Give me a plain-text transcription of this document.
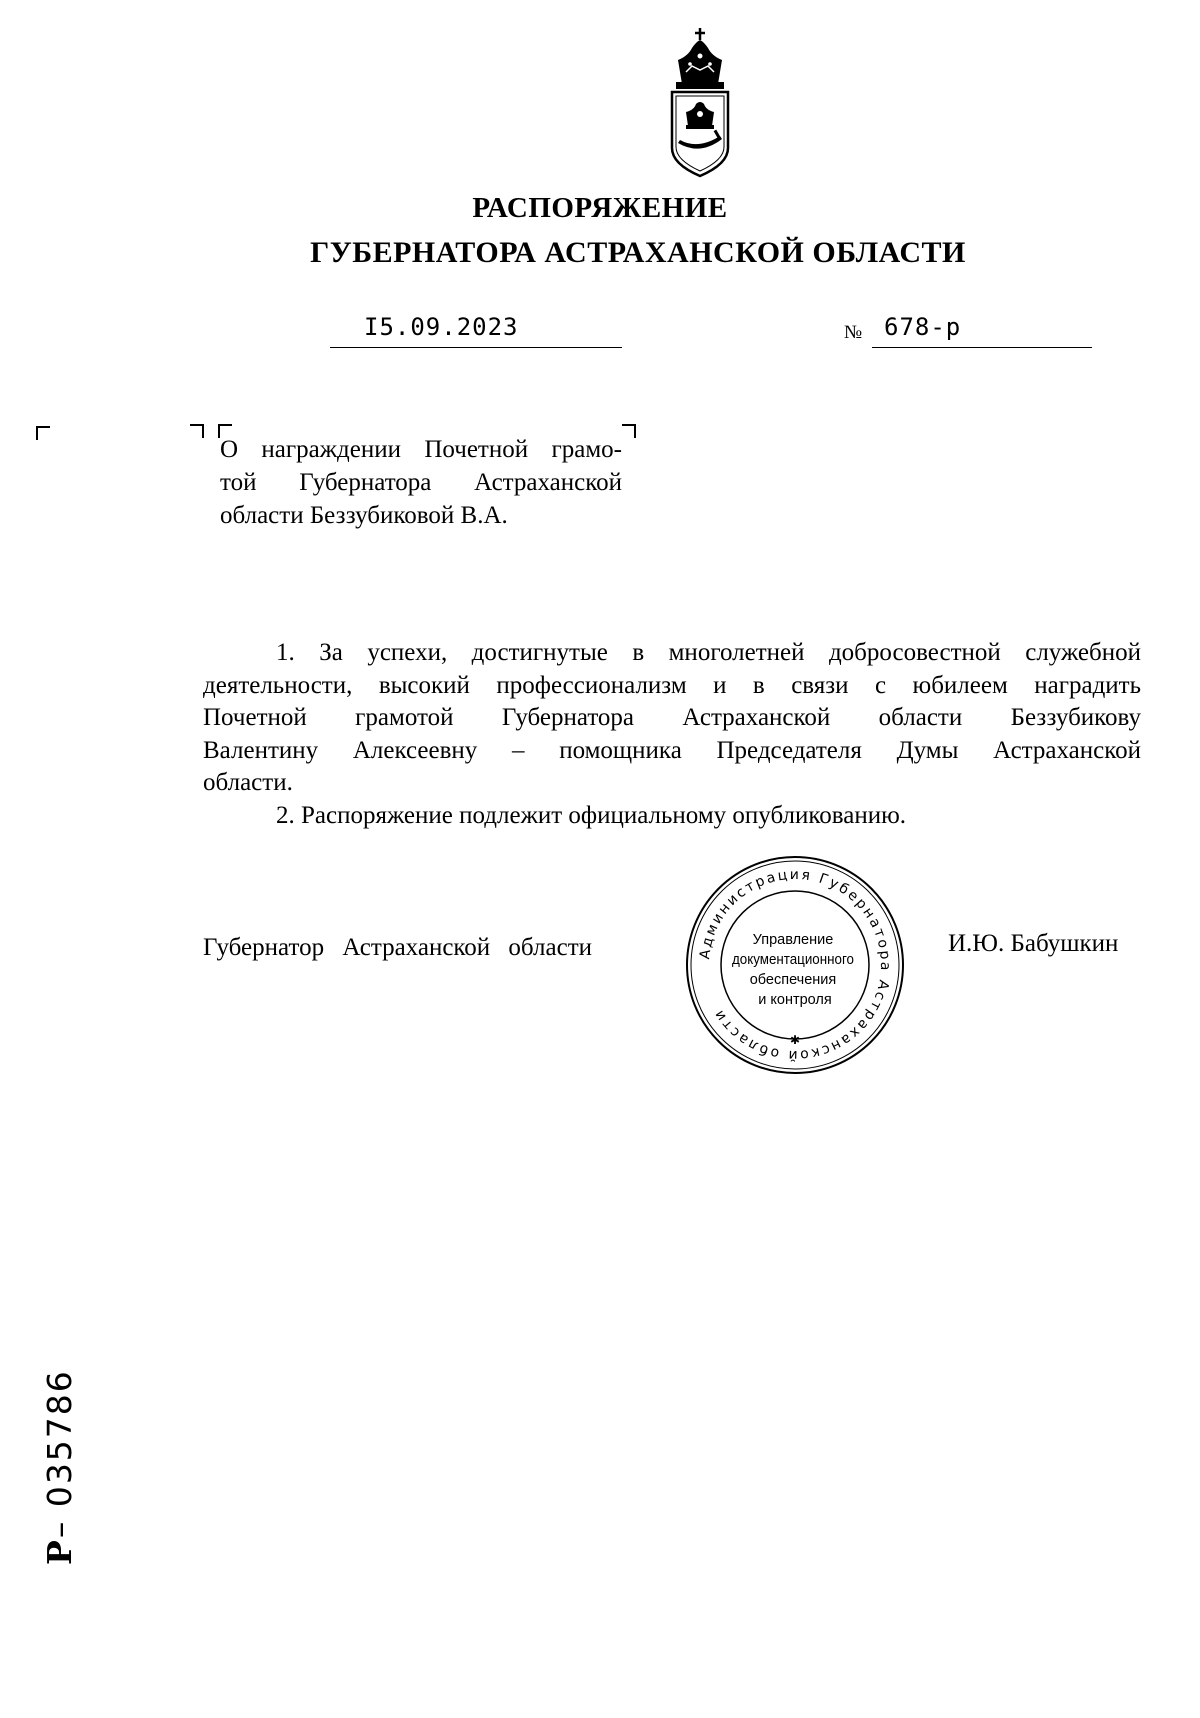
РАСПОРЯЖЕНИЕ
ГУБЕРНАТОРА АСТРАХАНСКОЙ ОБЛАСТИ
I5.09.2023	№ 678-р
О награждении Почетной грамо-
той Губернатора Астраханской
области Беззубиковой В.А.

1. За успехи, достигнутые в многолетней добросовестной служебной
деятельности, высокий профессионализм и в связи с юбилеем наградить
Почетной грамотой Губернатора Астраханской области Беззубикову
Валентину Алексеевну – помощника Председателя Думы Астраханской
области.

2. Распоряжение подлежит официальному опубликованию.

Губернатор Астраханской области	И.Ю. Бабушкин
Администрация Губернатора Астраханской области
✱
Управление документационного обеспечения и контроля
Р– 035786
